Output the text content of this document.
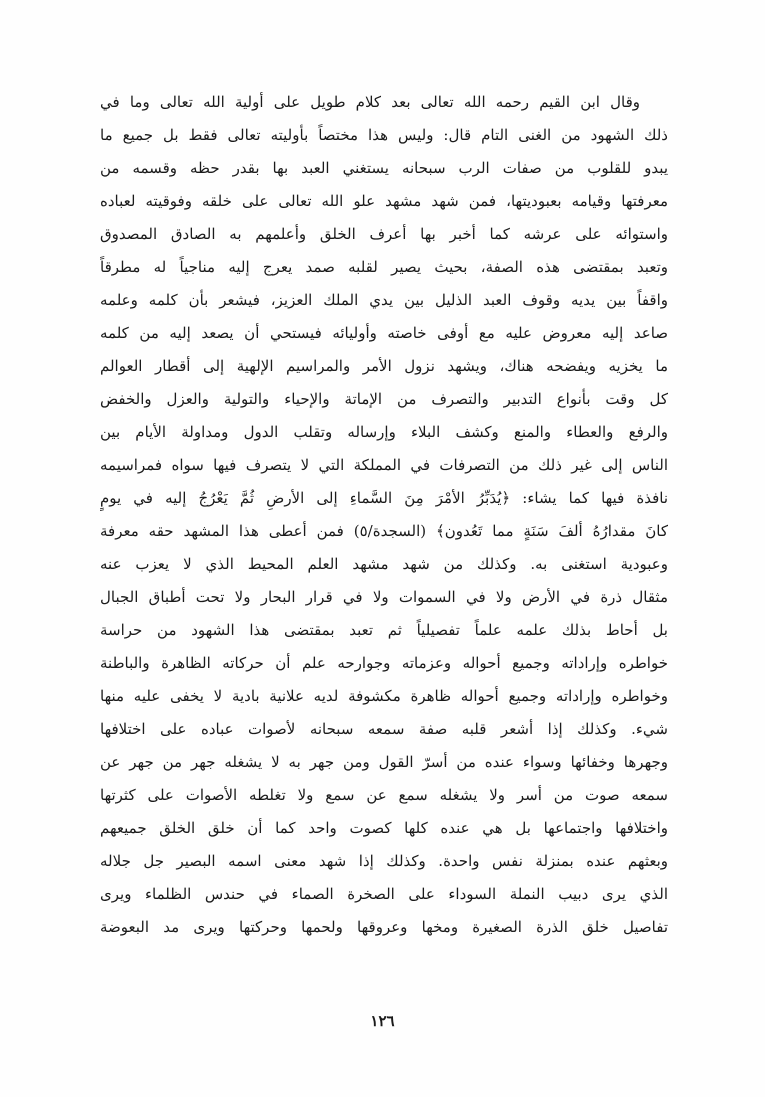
وقال ابن القيم رحمه الله تعالى بعد كلام طويل على أولية الله تعالى وما في
ذلك الشهود من الغنى التام قال: وليس هذا مختصاً بأوليته تعالى فقط بل جميع ما
يبدو للقلوب من صفات الرب سبحانه يستغني العبد بها بقدر حظه وقسمه من
معرفتها وقيامه بعبوديتها، فمن شهد مشهد علو الله تعالى على خلقه وفوقيته لعباده
واستوائه على عرشه كما أخبر بها أعرف الخلق وأعلمهم به الصادق المصدوق
وتعبد بمقتضى هذه الصفة، بحيث يصير لقلبه صمد يعرج إليه مناجياً له مطرقاً
واقفاً بين يديه وقوف العبد الذليل بين يدي الملك العزيز، فيشعر بأن كلمه وعلمه
صاعد إليه معروض عليه مع أوفى خاصته وأوليائه فيستحي أن يصعد إليه من كلمه
ما يخزيه ويفضحه هناك، ويشهد نزول الأمر والمراسيم الإلهية إلى أقطار العوالم
كل وقت بأنواع التدبير والتصرف من الإماتة والإحياء والتولية والعزل والخفض
والرفع والعطاء والمنع وكشف البلاء وإرساله وتقلب الدول ومداولة الأيام بين
الناس إلى غير ذلك من التصرفات في المملكة التي لا يتصرف فيها سواه فمراسيمه
نافذة فيها كما يشاء: ﴿يُدَبِّرُ الأمْرَ مِنَ السَّماءِ إلى الأرضِ ثُمَّ يَعْرُجُ إليه في يومٍ
كانَ مقدارُهُ ألفَ سَنَةٍ مما تَعُدون﴾ (السجدة/٥) فمن أعطى هذا المشهد حقه معرفة
وعبودية استغنى به. وكذلك من شهد مشهد العلم المحيط الذي لا يعزب عنه
مثقال ذرة في الأرض ولا في السموات ولا في قرار البحار ولا تحت أطباق الجبال
بل أحاط بذلك علمه علماً تفصيلياً ثم تعبد بمقتضى هذا الشهود من حراسة
خواطره وإراداته وجميع أحواله وعزماته وجوارحه علم أن حركاته الظاهرة والباطنة
وخواطره وإراداته وجميع أحواله ظاهرة مكشوفة لديه علانية بادية لا يخفى عليه منها
شيء. وكذلك إذا أشعر قلبه صفة سمعه سبحانه لأصوات عباده على اختلافها
وجهرها وخفائها وسواء عنده من أسرّ القول ومن جهر به لا يشغله جهر من جهر عن
سمعه صوت من أسر ولا يشغله سمع عن سمع ولا تغلطه الأصوات على كثرتها
واختلافها واجتماعها بل هي عنده كلها كصوت واحد كما أن خلق الخلق جميعهم
وبعثهم عنده بمنزلة نفس واحدة. وكذلك إذا شهد معنى اسمه البصير جل جلاله
الذي يرى دبيب النملة السوداء على الصخرة الصماء في حندس الظلماء ويرى
تفاصيل خلق الذرة الصغيرة ومخها وعروقها ولحمها وحركتها ويرى مد البعوضة
١٢٦
